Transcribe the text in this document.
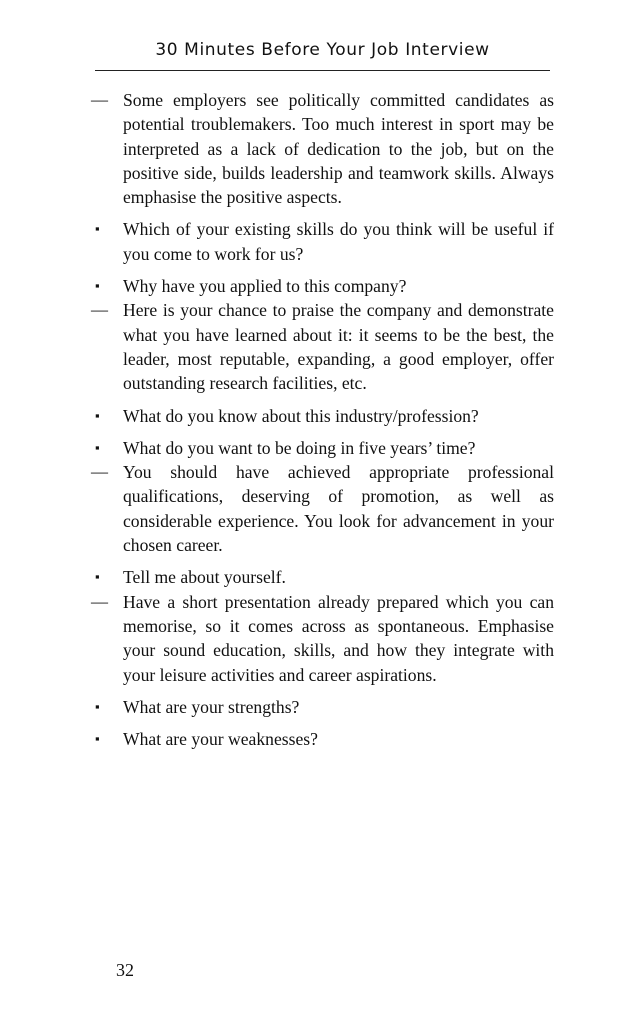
30 Minutes Before Your Job Interview
— Some employers see politically committed candidates as potential troublemakers. Too much interest in sport may be interpreted as a lack of dedication to the job, but on the positive side, builds leadership and teamwork skills. Always emphasise the positive aspects.
▪	Which of your existing skills do you think will be useful if you come to work for us?
▪	Why have you applied to this company?
— Here is your chance to praise the company and demonstrate what you have learned about it: it seems to be the best, the leader, most reputable, expanding, a good employer, offer outstanding research facilities, etc.
▪	What do you know about this industry/profession?
▪	What do you want to be doing in five years’ time?
— You should have achieved appropriate professional qualifications, deserving of promotion, as well as considerable experience. You look for advancement in your chosen career.
▪	Tell me about yourself.
— Have a short presentation already prepared which you can memorise, so it comes across as spontaneous. Emphasise your sound education, skills, and how they integrate with your leisure activities and career aspirations.
▪	What are your strengths?
▪	What are your weaknesses?
32
